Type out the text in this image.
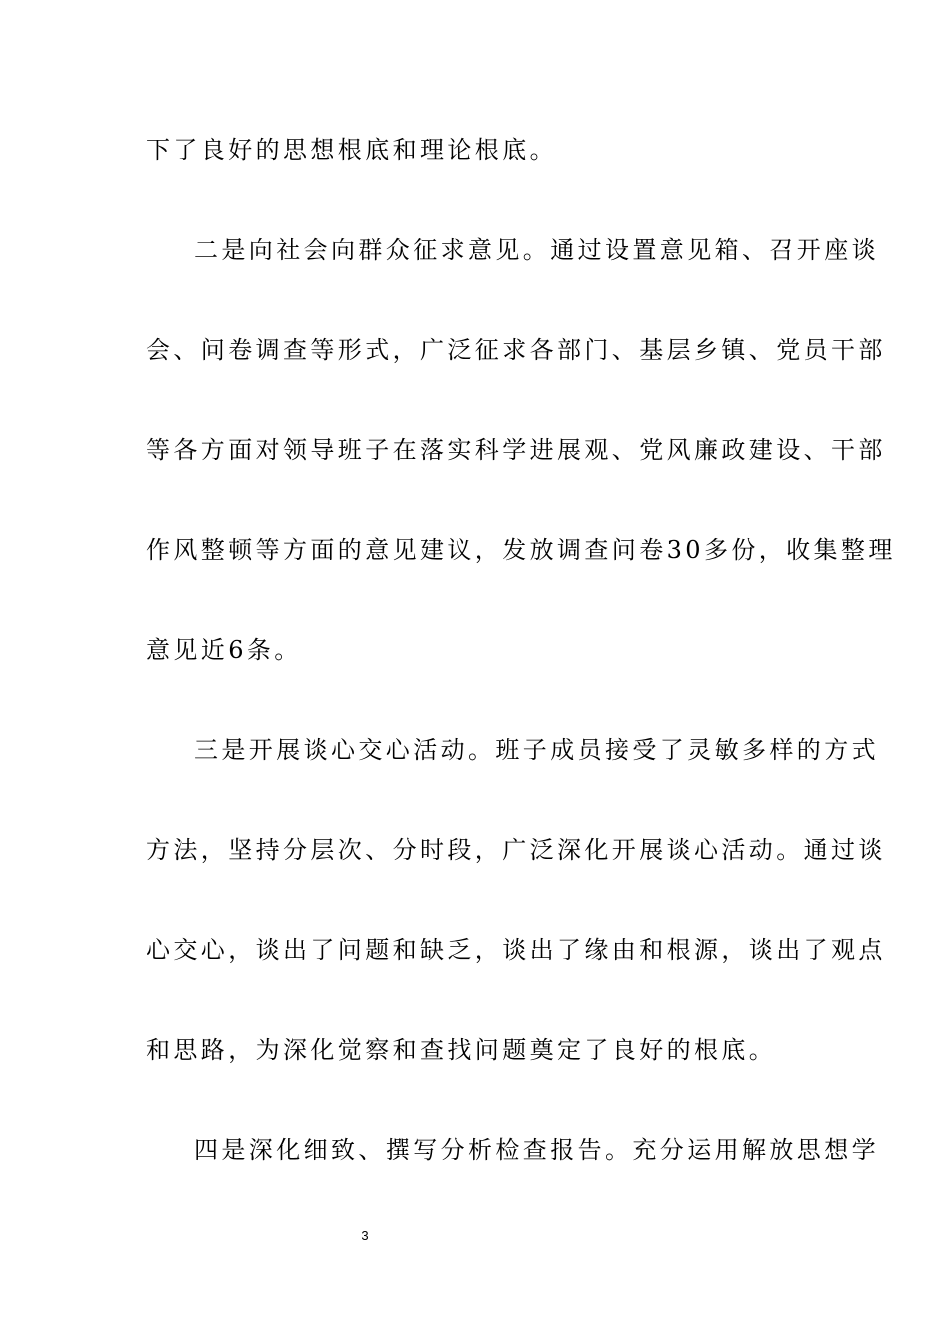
下了良好的思想根底和理论根底。
二是向社会向群众征求意见。通过设置意见箱、召开座谈
会、问卷调查等形式，广泛征求各部门、基层乡镇、党员干部
等各方面对领导班子在落实科学进展观、党风廉政建设、干部
作风整顿等方面的意见建议，发放调查问卷30多份，收集整理
意见近6条。
三是开展谈心交心活动。班子成员接受了灵敏多样的方式
方法，坚持分层次、分时段，广泛深化开展谈心活动。通过谈
心交心，谈出了问题和缺乏，谈出了缘由和根源，谈出了观点
和思路，为深化觉察和查找问题奠定了良好的根底。
四是深化细致、撰写分析检查报告。充分运用解放思想学
3
